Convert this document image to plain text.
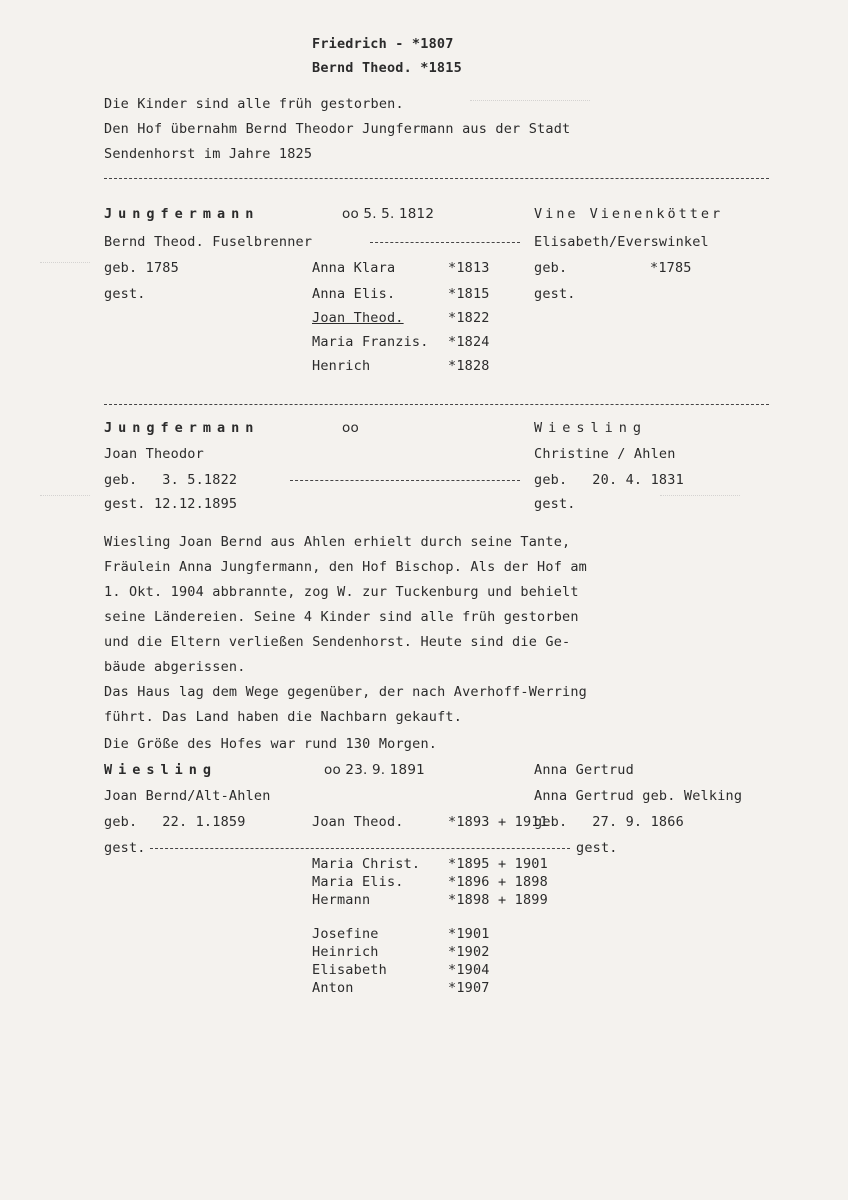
Friedrich - *1807
Bernd Theod. *1815
Die Kinder sind alle früh gestorben.
Den Hof übernahm Bernd Theodor Jungfermann aus der Stadt
Sendenhorst im Jahre 1825
Jungfermann	oo 5. 5. 1812	Vine Vienenkötter
Bernd Theod. Fuselbrenner	Elisabeth/Everswinkel
geb. 1785	geb.	*1785
gest.	gest.
Anna Klara	*1813
Anna Elis.	*1815
Joan Theod.	*1822
Maria Franzis. *1824
Henrich	*1828
Jungfermann	oo	Wiesling
Joan Theodor	Christine / Ahlen
geb.   3. 5.1822	geb.   20. 4. 1831
gest. 12.12.1895	gest.
Wiesling Joan Bernd aus Ahlen erhielt durch seine Tante,
Fräulein Anna Jungfermann, den Hof Bischop. Als der Hof am
1. Okt. 1904 abbrannte, zog W. zur Tuckenburg und behielt
seine Ländereien. Seine 4 Kinder sind alle früh gestorben
und die Eltern verließen Sendenhorst. Heute sind die Ge-
bäude abgerissen.
Das Haus lag dem Wege gegenüber, der nach Averhoff-Werring
führt. Das Land haben die Nachbarn gekauft.
Die Größe des Hofes war rund 130 Morgen.
Wiesling	oo 23. 9. 1891	Anna Gertrud
Joan Bernd/Alt-Ahlen	Anna Gertrud geb. Welking
geb.   22. 1.1859	geb.   27. 9. 1866
gest.	gest.
Joan Theod.	*1893 + 1911
Maria Christ. *1895 + 1901
Maria Elis.	*1896 + 1898
Hermann	*1898 + 1899
Josefine	*1901
Heinrich	*1902
Elisabeth	*1904
Anton	*1907
